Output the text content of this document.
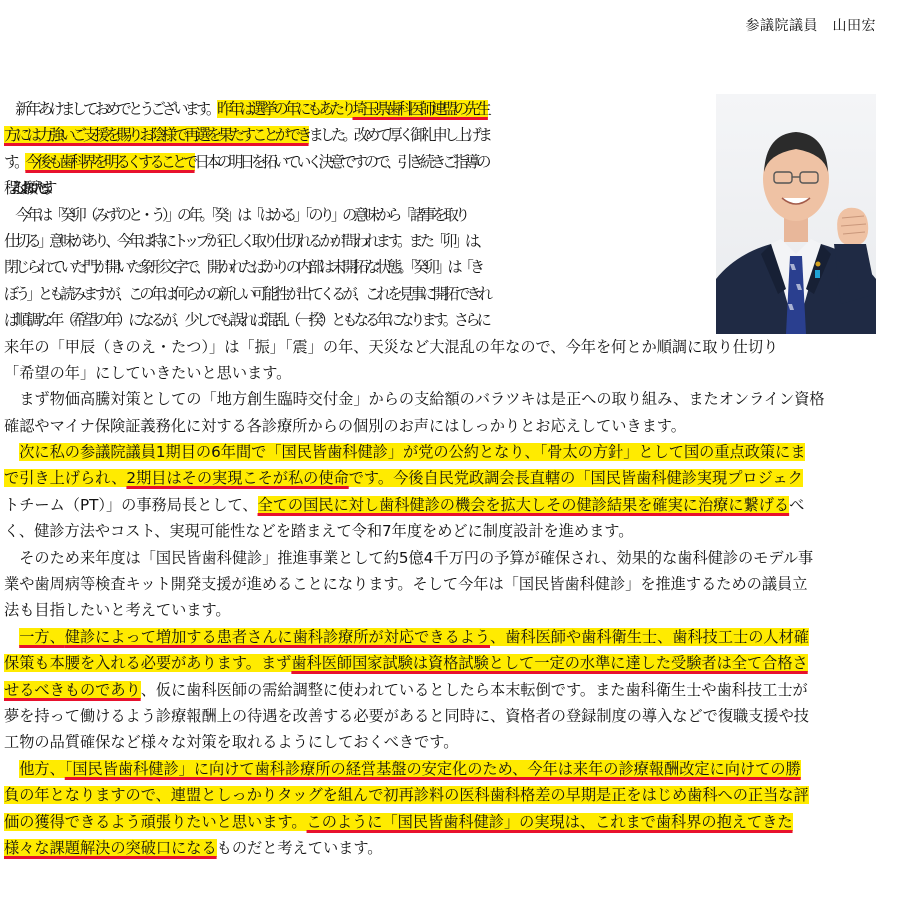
参議院議員　山田宏
　新年あけましておめでとうございます。昨年は選挙の年にもあたり埼玉県歯科医師連盟の先生
方には力強いご支援を賜りお陰様で再選を果たすことができました。改めて厚く御礼申し上げま
す。今後も歯科界を明るくすることで日本の明日を拓いていく決意ですので、引き続きご指導の
程よろしくお願いいたします。
　今年は「癸卯（みずのと・う）」の年。「癸」は「はかる」「のり」の意味から「諸事を取り
仕切る」意味があり、今年は特にトップが正しく取り仕切れるかが問われます。また「卯」は、
閉じられていた門が開いた象形文字で、開かれたばかりの内部は未開拓な状態。「癸卯」は「き
ぼう」とも読みますが、この年は何らかの新しい可能性が出てくるが、これを見事に開拓できれ
ば順調な年（希望の年）になるが、少しでも誤れば混乱（一揆）ともなる年になります。さらに
来年の「甲辰（きのえ・たつ）」は「振」「震」の年、天災など大混乱の年なので、今年を何とか順調に取り仕切り
「希望の年」にしていきたいと思います。
　まず物価高騰対策としての「地方創生臨時交付金」からの支給額のバラツキは是正への取り組み、またオンライン資格
確認やマイナ保険証義務化に対する各診療所からの個別のお声にはしっかりとお応えしていきます。
　次に私の参議院議員1期目の6年間で「国民皆歯科健診」が党の公約となり、「骨太の方針」として国の重点政策にま
で引き上げられ、2期目はその実現こそが私の使命です。今後自民党政調会長直轄の「国民皆歯科健診実現プロジェク
トチーム（PT）」の事務局長として、全ての国民に対し歯科健診の機会を拡大しその健診結果を確実に治療に繋げるべ
く、健診方法やコスト、実現可能性などを踏まえて令和7年度をめどに制度設計を進めます。
　そのため来年度は「国民皆歯科健診」推進事業として約5億4千万円の予算が確保され、効果的な歯科健診のモデル事
業や歯周病等検査キット開発支援が進めることになります。そして今年は「国民皆歯科健診」を推進するための議員立
法も目指したいと考えています。
　一方、健診によって増加する患者さんに歯科診療所が対応できるよう、歯科医師や歯科衛生士、歯科技工士の人材確
保策も本腰を入れる必要があります。まず歯科医師国家試験は資格試験として一定の水準に達した受験者は全て合格さ
せるべきものであり、仮に歯科医師の需給調整に使われているとしたら本末転倒です。また歯科衛生士や歯科技工士が
夢を持って働けるよう診療報酬上の待遇を改善する必要があると同時に、資格者の登録制度の導入などで復職支援や技
工物の品質確保など様々な対策を取れるようにしておくべきです。
　他方、「国民皆歯科健診」に向けて歯科診療所の経営基盤の安定化のため、今年は来年の診療報酬改定に向けての勝
負の年となりますので、連盟としっかりタッグを組んで初再診料の医科歯科格差の早期是正をはじめ歯科への正当な評
価の獲得できるよう頑張りたいと思います。このように「国民皆歯科健診」の実現は、これまで歯科界の抱えてきた
様々な課題解決の突破口になるものだと考えています。
